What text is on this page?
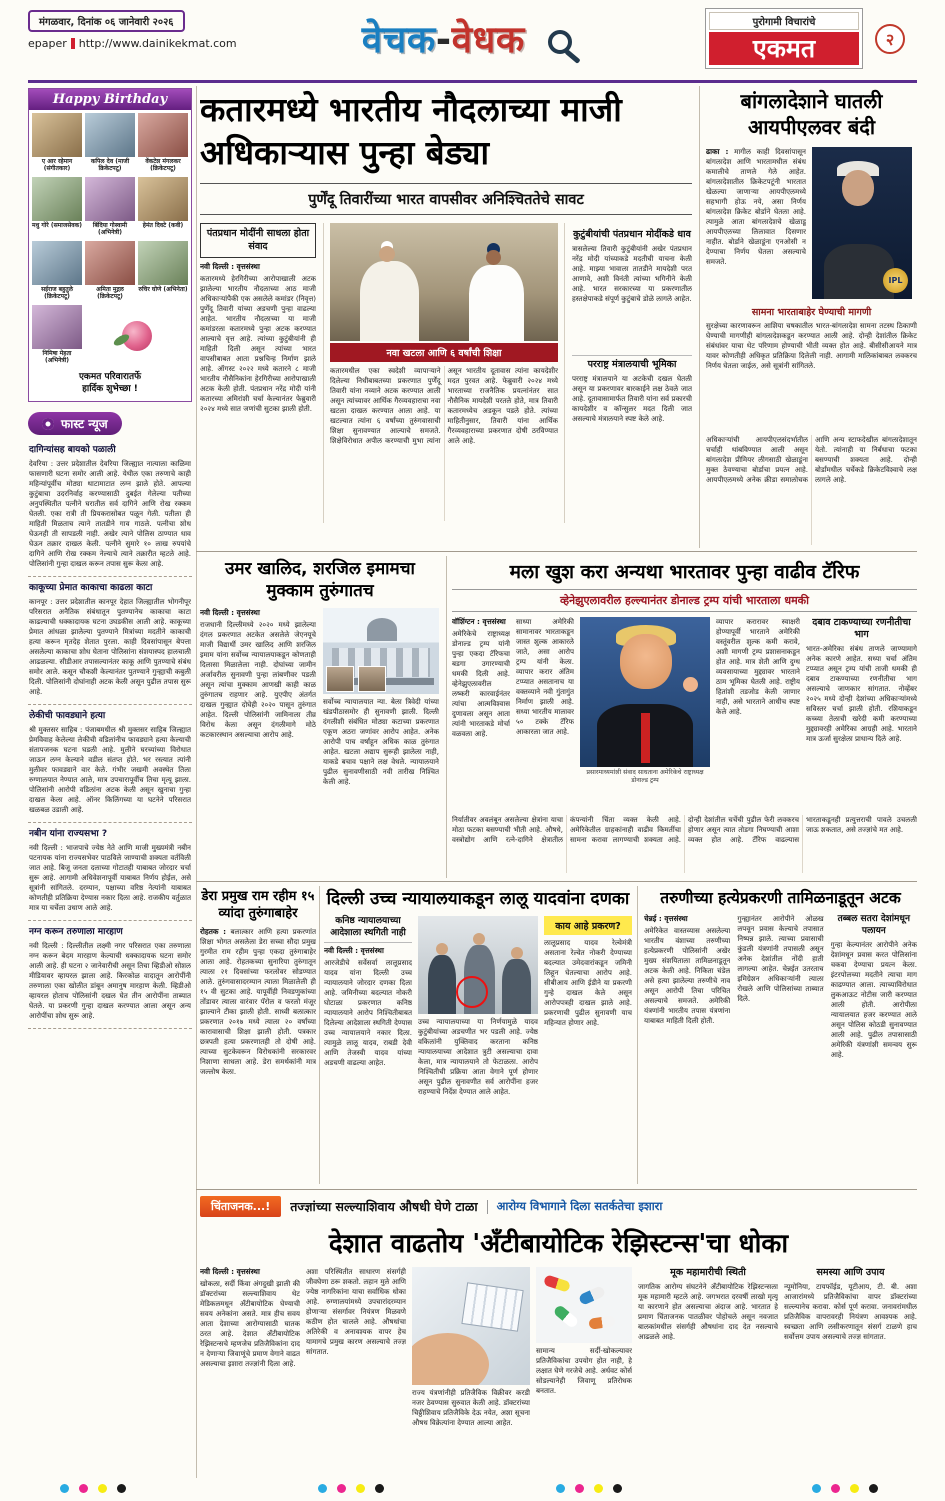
मंगळवार, दिनांक ०६ जानेवारी २०२६
epaper http://www.dainikekmat.com	वेचक-वेधक	पुरोगामी विचारांचे
एकमत	२
Happy Birthday
ए आर रहेमान (संगीतकार)
कपिल देव (माजी क्रिकेटपटू)
वेंकटेश मंगलकर (क्रिकेटपटू)
मधु गोरे (समाजसेवक)	बिंदिया गोस्वामी (अभिनेत्री)
हेमंत दिवटे (कवी)
सईराज बहुतुले (क्रिकेटपटू)
अमिता मुद्गल (क्रिकेटपटू)
रुचिर घोणे (अभिनेता)
निमिषा मेहता (अभिनेत्री)
एकमत परिवारातर्फे
हार्दिक शुभेच्छा !
फास्ट न्यूज
दागिन्यांसह बायको पळाली

देवरिया : उत्तर प्रदेशातील देवरिया जिल्ह्यात नात्याला काळिमा फासणारी घटना समोर आली आहे. येथील एका तरुणाचे काही महिन्यांपूर्वीच मोठ्या थाटामाटात लग्न झाले होते. आपल्या कुटुंबाचा उदरनिर्वाह करण्यासाठी दुबईत गेलेल्या पतीच्या अनुपस्थितीत पत्नीने घरातील सर्व दागिने आणि रोख रक्कम घेतली. एका रात्री ती प्रियकरासोबत पळून गेली. पतीला ही माहिती मिळताच त्याने तातडीने गाव गाठले. पत्नीचा शोध घेऊनही ती सापडली नाही. अखेर त्याने पोलिस ठाण्यात धाव घेऊन तक्रार दाखल केली. पत्नीने सुमारे १० लाख रुपयांचे दागिने आणि रोख रक्कम नेल्याचे त्याने तक्रारीत म्हटले आहे. पोलिसांनी गुन्हा दाखल करून तपास सुरू केला आहे.

काकूच्या प्रेमात काकाचा काढला काटा

कानपूर : उत्तर प्रदेशातील कानपूर देहात जिल्ह्यातील भोगनीपूर परिसरात अनैतिक संबंधातून पुतण्यानेच काकाचा काटा काढल्याची धक्कादायक घटना उघडकीस आली आहे. काकूच्या प्रेमात आंधळा झालेल्या पुतण्याने मित्रांच्या मदतीने काकाची हत्या करून मृतदेह शेतात पुरला. काही दिवसांपासून बेपत्ता असलेल्या काकाचा शोध घेताना पोलिसांना संशयास्पद हालचाली आढळल्या. सीडीआर तपासल्यानंतर काकू आणि पुतण्याचे संबंध समोर आले. कसून चौकशी केल्यानंतर पुतण्याने गुन्ह्याची कबुली दिली. पोलिसांनी दोघांनाही अटक केली असून पुढील तपास सुरू आहे.

लेकीची फावड्याने हत्या

श्री मुक्तसर साहिब : पंजाबमधील श्री मुक्तसर साहिब जिल्ह्यात प्रेमविवाह केलेल्या लेकीची वडिलांनीच फावड्याने हत्या केल्याची संतापजनक घटना घडली आहे. मुलीने घरच्यांच्या विरोधात जाऊन लग्न केल्याने वडील संतप्त होते. भर रस्त्यात त्यांनी मुलीवर फावड्याने वार केले. गंभीर जखमी अवस्थेत तिला रुग्णालयात नेण्यात आले, मात्र उपचारापूर्वीच तिचा मृत्यू झाला. पोलिसांनी आरोपी वडिलांना अटक केली असून खुनाचा गुन्हा दाखल केला आहे. ऑनर किलिंगच्या या घटनेने परिसरात खळबळ उडाली आहे.

नबीन यांना राज्यसभा ?

नवी दिल्ली : भाजपाचे ज्येष्ठ नेते आणि माजी मुख्यमंत्री नबीन पटनायक यांना राज्यसभेवर पाठविले जाण्याची शक्यता वर्तविली जात आहे. बिजू जनता दलाच्या गोटातही याबाबत जोरदार चर्चा सुरू आहे. आगामी अधिवेशनापूर्वी याबाबत निर्णय होईल, असे सूत्रांनी सांगितले. दरम्यान, पक्षाच्या वरिष्ठ नेत्यांनी याबाबत कोणतीही प्रतिक्रिया देण्यास नकार दिला आहे. राजकीय वर्तुळात मात्र या चर्चेला उधाण आले आहे.

नग्न करून तरुणाला मारहाण

नवी दिल्ली : दिल्लीतील लक्ष्मी नगर परिसरात एका तरुणाला नग्न करून बेदम मारहाण केल्याची धक्कादायक घटना समोर आली आहे. ही घटना २ जानेवारीची असून तिचा व्हिडीओ सोशल मीडियावर व्हायरल झाला आहे. किरकोळ वादातून आरोपींनी तरुणाला एका खोलीत डांबून अमानुष मारहाण केली. व्हिडीओ व्हायरल होताच पोलिसांनी दखल घेत तीन आरोपींना ताब्यात घेतले. या प्रकरणी गुन्हा दाखल करण्यात आला असून अन्य आरोपींचा शोध सुरू आहे.

कतारमध्ये भारतीय नौदलाच्या माजी अधिकाऱ्यास पुन्हा बेड्या
पुर्णेंदू तिवारींच्या भारत वापसीवर अनिश्चिततेचे सावट
पंतप्रधान मोदींनी साधला होता संवाद
नवी दिल्ली : वृत्तसंस्था

कतारमध्ये हेरगिरीच्या आरोपाखाली अटक झालेल्या भारतीय नौदलाच्या आठ माजी अधिकाऱ्यांपैकी एक असलेले कमांडर (निवृत्त) पुर्णेंदू तिवारी यांच्या अडचणी पुन्हा वाढल्या आहेत. भारतीय नौदलाच्या या माजी कमांडरला कतारमध्ये पुन्हा अटक करण्यात आल्याचे वृत्त आहे. त्यांच्या कुटुंबीयांनी ही माहिती दिली असून त्यांच्या भारत वापसीबाबत आता प्रश्नचिन्ह निर्माण झाले आहे. ऑगस्ट २०२२ मध्ये कतारने ८ माजी भारतीय नौसैनिकांना हेरगिरीच्या आरोपाखाली अटक केली होती. पंतप्रधान नरेंद्र मोदी यांनी कतारच्या अमिरांशी चर्चा केल्यानंतर फेब्रुवारी २०२४ मध्ये सात जणांची सुटका झाली होती.

नवा खटला आणि ६ वर्षांची शिक्षा
कतारमधील एका स्वदेशी व्यापाऱ्याने दिलेल्या निधीबाबतच्या प्रकरणात पुर्णेंदू तिवारी यांना नव्याने अटक करण्यात आली असून त्यांच्यावर आर्थिक गैरव्यवहाराचा नवा खटला दाखल करण्यात आला आहे. या खटल्यात त्यांना ६ वर्षांच्या तुरुंगवासाची शिक्षा सुनावण्यात आल्याचे समजते. शिक्षेविरोधात अपील करण्याची मुभा त्यांना असून भारतीय दूतावास त्यांना कायदेशीर मदत पुरवत आहे. फेब्रुवारी २०२४ मध्ये भारताच्या राजनैतिक प्रयत्नांनंतर सात नौसैनिक मायदेशी परतले होते, मात्र तिवारी कतारमध्येच अडकून पडले होते. त्यांच्या माहितीनुसार, तिवारी यांना आर्थिक गैरव्यवहाराच्या प्रकरणात दोषी ठरविण्यात आले आहे.
कुटुंबीयांची पंतप्रधान मोदींकडे धाव

त्रासलेल्या तिवारी कुटुंबीयांनी अखेर पंतप्रधान नरेंद्र मोदी यांच्याकडे मदतीची याचना केली आहे. माझ्या भावाला तातडीने मायदेशी परत आणावे, अशी विनंती त्यांच्या भगिनीने केली आहे. भारत सरकारच्या या प्रकरणातील हस्तक्षेपाकडे संपूर्ण कुटुंबाचे डोळे लागले आहेत.

परराष्ट्र मंत्रालयाची भूमिका

परराष्ट्र मंत्रालयाने या अटकेची दखल घेतली असून या प्रकरणावर बारकाईने लक्ष ठेवले जात आहे. दूतावासामार्फत तिवारी यांना सर्व प्रकारची कायदेशीर व कॉन्सुलर मदत दिली जात असल्याचे मंत्रालयाने स्पष्ट केले आहे.

बांगलादेशाने घातली आयपीएलवर बंदी

ढाका : मागील काही दिवसांपासून बांगलादेश आणि भारतामधील संबंध कमालीचे ताणले गेले आहेत. बांगलादेशातील क्रिकेटपटूंनी भारतात खेळल्या जाणाऱ्या आयपीएलमध्ये सहभागी होऊ नये, असा निर्णय बांगलादेश क्रिकेट बोर्डाने घेतला आहे. त्यामुळे आता बांगलादेशचे खेळाडू आयपीएलच्या लिलावात दिसणार नाहीत. बोर्डाने खेळाडूंना एनओसी न देण्याचा निर्णय घेतला असल्याचे समजते.

IPL
सामना भारताबाहेर घेण्याची मागणी

सुरक्षेच्या कारणावरून आशिया चषकातील भारत-बांगलादेश सामना तटस्थ ठिकाणी घेण्याची मागणीही बांगलादेशकडून करण्यात आली आहे. दोन्ही देशांतील क्रिकेट संबंधांवर याचा थेट परिणाम होण्याची भीती व्यक्त होत आहे. बीसीसीआयने मात्र यावर कोणतीही अधिकृत प्रतिक्रिया दिलेली नाही. आगामी मालिकांबाबत लवकरच निर्णय घेतला जाईल, असे सूत्रांनी सांगितले.

अधिकाऱ्यांची आयपीएलसंदर्भातील चर्चाही थांबविण्यात आली असून बांगलादेश प्रीमियर लीगसाठी खेळाडूंना मुक्त ठेवण्याचा बोर्डाचा प्रयत्न आहे. आयपीएलमध्ये अनेक क्रीडा समालोचक आणि अन्य स्टाफदेखील बांगलादेशातून येतो. त्यांनाही या निर्बंधाचा फटका बसण्याची शक्यता आहे. दोन्ही बोर्डांमधील चर्चेकडे क्रिकेटविश्वाचे लक्ष लागले आहे.
उमर खालिद, शरजिल इमामचा मुक्काम तुरुंगातच
नवी दिल्ली : वृत्तसंस्था

राजधानी दिल्लीमध्ये २०२० मध्ये झालेल्या दंगल प्रकरणात अटकेत असलेले जेएनयूचे माजी विद्यार्थी उमर खालिद आणि शरजिल इमाम यांना सर्वोच्च न्यायालयाकडून कोणताही दिलासा मिळालेला नाही. दोघांच्या जामीन अर्जावरील सुनावणी पुन्हा लांबणीवर पडली असून त्यांचा मुक्काम आणखी काही काळ तुरुंगातच राहणार आहे. युएपीए अंतर्गत दाखल गुन्ह्यात दोघेही २०२० पासून तुरुंगात आहेत. दिल्ली पोलिसांनी जामिनाला तीव्र विरोध केला असून दंगलीमागे मोठे कटकारस्थान असल्याचा आरोप आहे.

सर्वोच्च न्यायालयात न्या. बेला त्रिवेदी यांच्या खंडपीठासमोर ही सुनावणी झाली. दिल्ली दंगलीशी संबंधित मोठ्या कटाच्या प्रकरणात एकूण अठरा जणांवर आरोप आहेत. अनेक आरोपी पाच वर्षांहून अधिक काळ तुरुंगात आहेत. खटला अद्याप सुरूही झालेला नाही, याकडे बचाव पक्षाने लक्ष वेधले. न्यायालयाने पुढील सुनावणीसाठी नवी तारीख निश्चित केली आहे.

मला खुश करा अन्यथा भारतावर पुन्हा वाढीव टॅरिफ
व्हेनेझुएलावरील हल्ल्यानंतर डोनाल्ड ट्रम्प यांची भारताला धमकी
वॉशिंग्टन : वृत्तसंस्था

अमेरिकेचे राष्ट्राध्यक्ष डोनाल्ड ट्रम्प यांनी पुन्हा एकदा टॅरिफचा बडगा उगारण्याची धमकी दिली आहे. व्हेनेझुएलावरील लष्करी कारवाईनंतर त्यांचा आत्मविश्वास दुणावला असून आता त्यांनी भारताकडे मोर्चा वळवला आहे.

साध्या अमेरिकी सामानावर भारताकडून जास्त शुल्क आकारले जाते, असा आरोप ट्रम्प यांनी केला. व्यापार करार अंतिम टप्प्यात असतानाच या वक्तव्याने नवी गुंतागुंत निर्माण झाली आहे. सध्या भारतीय मालावर ५० टक्के टॅरिफ आकारला जात आहे.

प्रसारमाध्यमांशी संवाद साधताना अमेरिकेचे राष्ट्राध्यक्ष डोनाल्ड ट्रम्प

व्यापार करारावर स्वाक्षरी होण्यापूर्वी भारताने अमेरिकी वस्तूंवरील शुल्क कमी करावे, अशी मागणी ट्रम्प प्रशासनाकडून होत आहे. मात्र शेती आणि दुग्ध व्यवसायाच्या मुद्द्यावर भारताने ठाम भूमिका घेतली आहे. राष्ट्रीय हितांशी तडजोड केली जाणार नाही, असे भारताने आधीच स्पष्ट केले आहे.

दबाव टाकण्याच्या रणनीतीचा भाग

भारत-अमेरिका संबंध ताणले जाण्यामागे अनेक कारणे आहेत. सध्या चर्चा अंतिम टप्प्यात असून ट्रम्प यांची ताजी धमकी ही दबाव टाकण्याच्या रणनीतीचा भाग असल्याचे जाणकार सांगतात. नोव्हेंबर २०२५ मध्ये दोन्ही देशांच्या अधिकाऱ्यांमध्ये सविस्तर चर्चा झाली होती. रशियाकडून कच्च्या तेलाची खरेदी कमी करण्याच्या मुद्द्यावरही अमेरिका आग्रही आहे. भारताने मात्र ऊर्जा सुरक्षेला प्राधान्य दिले आहे.

निर्यातीवर अवलंबून असलेल्या क्षेत्रांना याचा मोठा फटका बसण्याची भीती आहे. औषधे, वस्त्रोद्योग आणि रत्ने-दागिने क्षेत्रातील कंपन्यांनी चिंता व्यक्त केली आहे. अमेरिकेतील ग्राहकांनाही वाढीव किमतींचा सामना करावा लागण्याची शक्यता आहे. दोन्ही देशांतील चर्चेची पुढील फेरी लवकरच होणार असून त्यात तोडगा निघण्याची आशा व्यक्त होत आहे. टॅरिफ वाढल्यास भारताकडूनही प्रत्युत्तराची पावले उचलली जाऊ शकतात, असे तज्ज्ञांचे मत आहे.
डेरा प्रमुख राम रहीम १५ व्यांदा तुरुंगाबाहेर

रोहतक : बलात्कार आणि हत्या प्रकरणांत शिक्षा भोगत असलेला डेरा सच्चा सौदा प्रमुख गुरमीत राम रहीम पुन्हा एकदा तुरुंगाबाहेर आला आहे. रोहतकच्या सुनारिया तुरुंगातून त्याला २१ दिवसांच्या फरलोवर सोडण्यात आले. तुरुंगवासादरम्यान त्याला मिळालेली ही १५ वी सुटका आहे. यापूर्वीही निवडणुकांच्या तोंडावर त्याला वारंवार पॅरोल व फरलो मंजूर झाल्याने टीका झाली होती. साध्वी बलात्कार प्रकरणात २०१७ मध्ये त्याला २० वर्षांच्या कारावासाची शिक्षा झाली होती. पत्रकार छत्रपती हत्या प्रकरणातही तो दोषी आहे. त्याच्या सुटकेवरून विरोधकांनी सरकारवर निशाणा साधला आहे. डेरा समर्थकांनी मात्र जल्लोष केला.

दिल्ली उच्च न्यायालयाकडून लालू यादवांना दणका
कनिष्ठ न्यायालयाच्या आदेशाला स्थगिती नाही
नवी दिल्ली : वृत्तसंस्था

आरजेडीचे सर्वेसर्वा लालूप्रसाद यादव यांना दिल्ली उच्च न्यायालयाने जोरदार दणका दिला आहे. जमिनीच्या बदल्यात नोकरी घोटाळा प्रकरणात कनिष्ठ न्यायालयाने आरोप निश्चितीबाबत दिलेल्या आदेशाला स्थगिती देण्यास उच्च न्यायालयाने नकार दिला. त्यामुळे लालू यादव, राबडी देवी आणि तेजस्वी यादव यांच्या अडचणी वाढल्या आहेत.

उच्च न्यायालयाच्या या निर्णयामुळे यादव कुटुंबीयांच्या अडचणीत भर पडली आहे. ज्येष्ठ वकिलांनी युक्तिवाद करताना कनिष्ठ न्यायालयाच्या आदेशात त्रुटी असल्याचा दावा केला, मात्र न्यायालयाने तो फेटाळला. आरोप निश्चितीची प्रक्रिया आता वेगाने पूर्ण होणार असून पुढील सुनावणीत सर्व आरोपींना हजर राहण्याचे निर्देश देण्यात आले आहेत.

काय आहे प्रकरण?

लालूप्रसाद यादव रेल्वेमंत्री असताना रेल्वेत नोकरी देण्याच्या बदल्यात उमेदवारांकडून जमिनी लिहून घेतल्याचा आरोप आहे. सीबीआय आणि ईडीने या प्रकरणी गुन्हे दाखल केले असून आरोपपत्रही दाखल झाले आहे. प्रकरणाची पुढील सुनावणी याच महिन्यात होणार आहे.

तरुणीच्या हत्येप्रकरणी तामिळनाडूतून अटक
चेन्नई : वृत्तसंस्था

अमेरिकेत वास्तव्यास असलेल्या भारतीय वंशाच्या तरुणीच्या हत्येप्रकरणी पोलिसांनी अखेर मुख्य संशयिताला तामिळनाडूतून अटक केली आहे. निकिता चंडेल असे हत्या झालेल्या तरुणीचे नाव असून आरोपी तिचा परिचित असल्याचे समजते. अमेरिकी यंत्रणांनी भारतीय तपास यंत्रणांना याबाबत माहिती दिली होती.

गुन्ह्यानंतर आरोपीने ओळख लपवून प्रवास केल्याचे तपासात निष्पन्न झाले. त्याच्या प्रवासाची कुंडली यंत्रणांनी तपासली असून अनेक देशांतील नोंदी हाती लागल्या आहेत. चेन्नईत उतरताच इमिग्रेशन अधिकाऱ्यांनी त्याला रोखले आणि पोलिसांच्या ताब्यात दिले.

तब्बल सतरा देशांमधून पलायन

गुन्हा केल्यानंतर आरोपीने अनेक देशांमधून प्रवास करत पोलिसांना चकवा देण्याचा प्रयत्न केला. इंटरपोलच्या मदतीने त्याचा माग काढण्यात आला. त्याच्याविरोधात लुकआऊट नोटीस जारी करण्यात आली होती. आरोपीला न्यायालयात हजर करण्यात आले असून पोलिस कोठडी सुनावण्यात आली आहे. पुढील तपासासाठी अमेरिकी यंत्रणांशी समन्वय सुरू आहे.

चिंताजनक...!	तज्ज्ञांच्या सल्ल्याशिवाय औषधी घेणे टाळा आरोग्य विभागाने दिला सतर्कतेचा इशारा
देशात वाढतोय 'अँटीबायोटिक रेझिस्टन्स'चा धोका
नवी दिल्ली : वृत्तसंस्था

खोकला, सर्दी किंवा अंगदुखी झाली की डॉक्टरांच्या सल्ल्याशिवाय थेट मेडिकलमधून अँटीबायोटिक घेण्याची सवय अनेकांना असते. मात्र हीच सवय आता देशाच्या आरोग्यासाठी घातक ठरत आहे. देशात अँटीबायोटिक रेझिस्टन्सचे म्हणजेच प्रतिजैविकांना दाद न देणाऱ्या जिवाणूंचे प्रमाण वेगाने वाढत असल्याचा इशारा तज्ज्ञांनी दिला आहे.

अशा परिस्थितीत साधारण संसर्गही जीवघेणा ठरू शकतो. लहान मुले आणि ज्येष्ठ नागरिकांना याचा सर्वाधिक धोका आहे. रुग्णालयांमध्ये उपचारांदरम्यान होणाऱ्या संसर्गावर नियंत्रण मिळवणे कठीण होत चालले आहे. औषधांचा अतिरेकी व अनावश्यक वापर हेच यामागचे प्रमुख कारण असल्याचे तज्ज्ञ सांगतात.

राज्य यंत्रणांनीही प्रतिजैविक विक्रीवर करडी नजर ठेवण्यास सुरुवात केली आहे. डॉक्टरांच्या चिठ्ठीशिवाय प्रतिजैविके देऊ नयेत, अशा सूचना औषध विक्रेत्यांना देण्यात आल्या आहेत.

सामान्य सर्दी-खोकल्यावर प्रतिजैविकांचा उपयोग होत नाही, हे लक्षात घेणे गरजेचे आहे. अर्धवट कोर्स सोडल्यानेही जिवाणू प्रतिरोधक बनतात.

मूक महामारीची स्थिती

जागतिक आरोग्य संघटनेने अँटीबायोटिक रेझिस्टन्सला मूक महामारी म्हटले आहे. जगभरात दरवर्षी लाखो मृत्यू या कारणाने होत असल्याचा अंदाज आहे. भारतात हे प्रमाण चिंताजनक पातळीवर पोहोचले असून नवजात बालकांमधील संसर्गही औषधांना दाद देत नसल्याचे आढळले आहे.

समस्या आणि उपाय

न्यूमोनिया, टायफॉईड, यूटीआय, टी. बी. अशा आजारांमध्ये प्रतिजैविकांचा वापर डॉक्टरांच्या सल्ल्यानेच करावा. कोर्स पूर्ण करावा. जनावरांमधील प्रतिजैविक वापरावरही नियंत्रण आवश्यक आहे. स्वच्छता आणि लसीकरणातून संसर्ग टाळणे हाच सर्वोत्तम उपाय असल्याचे तज्ज्ञ सांगतात.
